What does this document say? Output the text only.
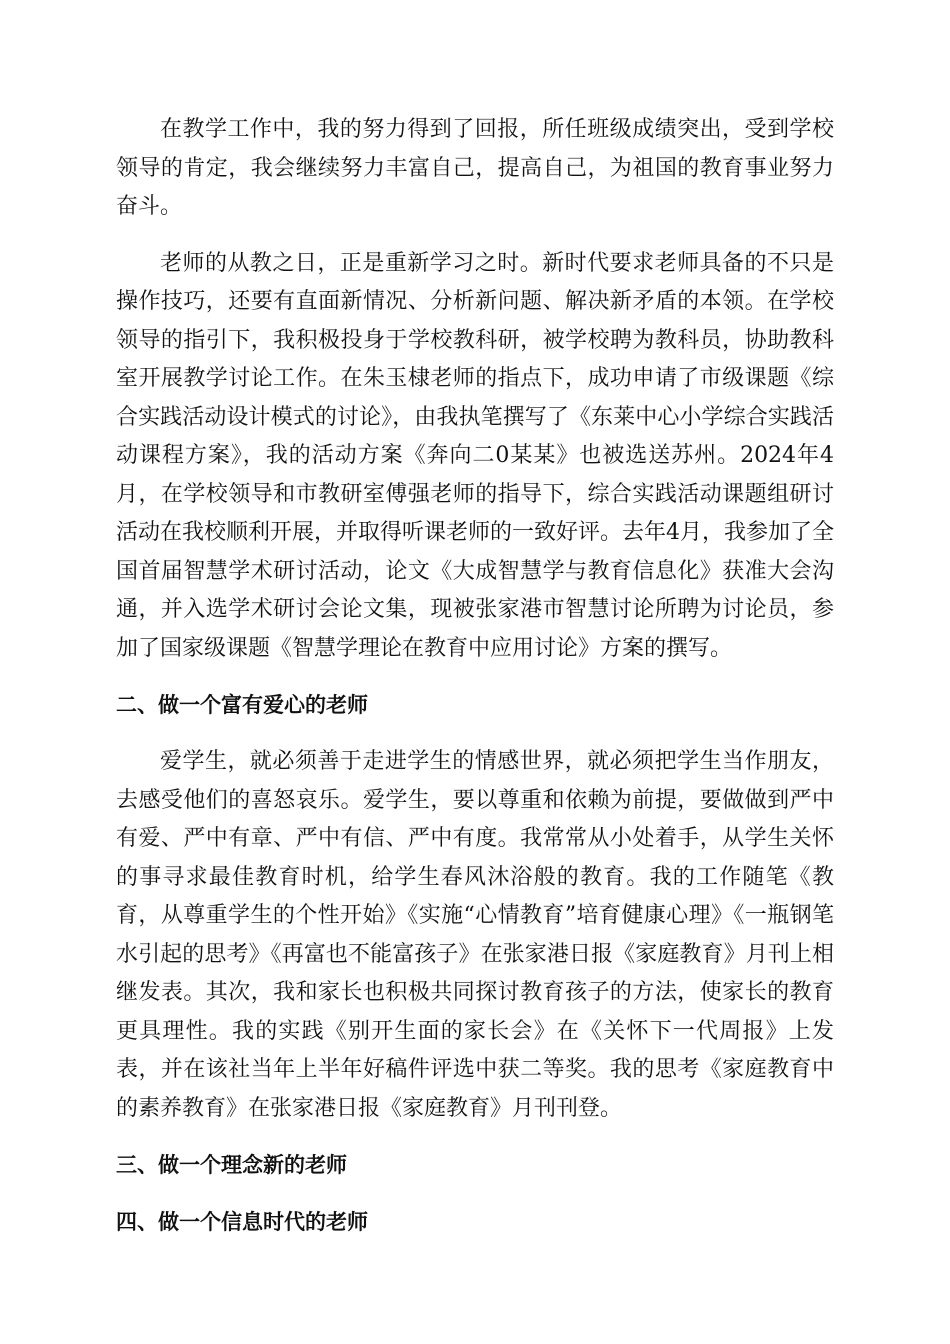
在教学工作中，我的努力得到了回报，所任班级成绩突出，受到学校领导的肯定，我会继续努力丰富自己，提高自己，为祖国的教育事业努力奋斗。

老师的从教之日，正是重新学习之时。新时代要求老师具备的不只是操作技巧，还要有直面新情况、分析新问题、解决新矛盾的本领。在学校领导的指引下，我积极投身于学校教科研，被学校聘为教科员，协助教科室开展教学讨论工作。在朱玉棣老师的指点下，成功申请了市级课题《综合实践活动设计模式的讨论》，由我执笔撰写了《东莱中心小学综合实践活动课程方案》，我的活动方案《奔向二0某某》也被选送苏州。2024年4月，在学校领导和市教研室傅强老师的指导下，综合实践活动课题组研讨活动在我校顺利开展，并取得听课老师的一致好评。去年4月，我参加了全国首届智慧学术研讨活动，论文《大成智慧学与教育信息化》获准大会沟通，并入选学术研讨会论文集，现被张家港市智慧讨论所聘为讨论员，参加了国家级课题《智慧学理论在教育中应用讨论》方案的撰写。

二、做一个富有爱心的老师

爱学生，就必须善于走进学生的情感世界，就必须把学生当作朋友，去感受他们的喜怒哀乐。爱学生，要以尊重和依赖为前提，要做做到严中有爱、严中有章、严中有信、严中有度。我常常从小处着手，从学生关怀的事寻求最佳教育时机，给学生春风沐浴般的教育。我的工作随笔《教育，从尊重学生的个性开始》《实施“心情教育”培育健康心理》《一瓶钢笔水引起的思考》《再富也不能富孩子》在张家港日报《家庭教育》月刊上相继发表。其次，我和家长也积极共同探讨教育孩子的方法，使家长的教育更具理性。我的实践《别开生面的家长会》在《关怀下一代周报》上发表，并在该社当年上半年好稿件评选中获二等奖。我的思考《家庭教育中的素养教育》在张家港日报《家庭教育》月刊刊登。

三、做一个理念新的老师
四、做一个信息时代的老师
